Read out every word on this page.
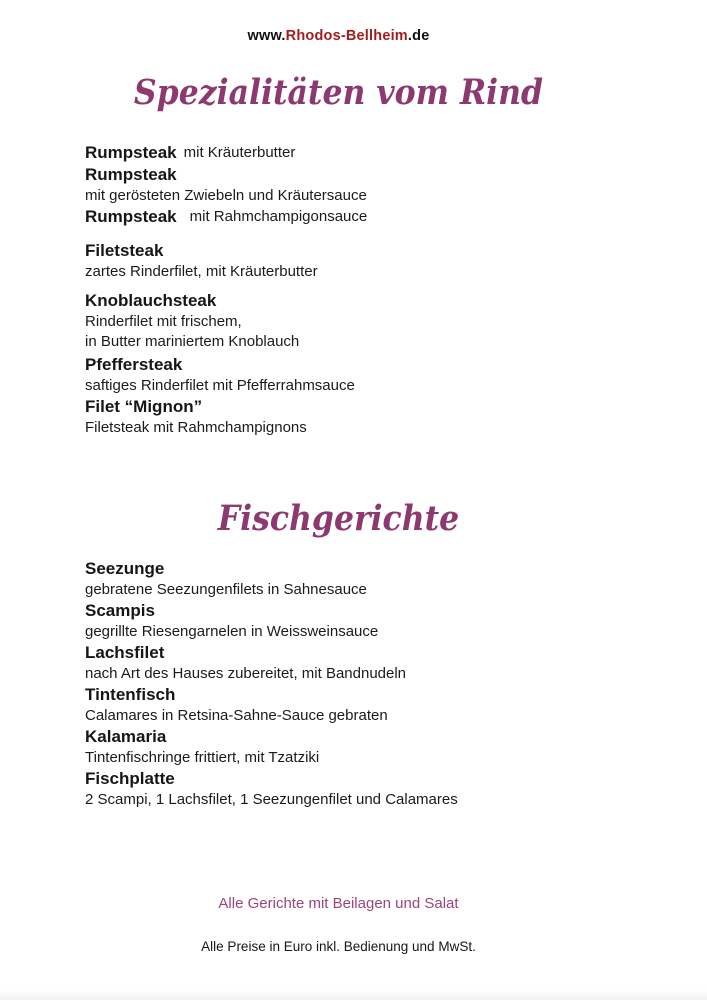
www.Rhodos-Bellheim.de
Spezialitäten vom Rind
Rumpsteak mit Kräuterbutter
Rumpsteak
mit gerösteten Zwiebeln und Kräutersauce
Rumpsteak mit Rahmchampigonsauce
Filetsteak
zartes Rinderfilet, mit Kräuterbutter
Knoblauchsteak
Rinderfilet mit frischem,
in Butter mariniertem Knoblauch
Pfeffersteak
saftiges Rinderfilet mit Pfefferrahmsauce
Filet “Mignon”
Filetsteak mit Rahmchampignons
Fischgerichte
Seezunge
gebratene Seezungenfilets in Sahnesauce
Scampis
gegrillte Riesengarnelen in Weissweinsauce
Lachsfilet
nach Art des Hauses zubereitet, mit Bandnudeln
Tintenfisch
Calamares in Retsina-Sahne-Sauce gebraten
Kalamaria
Tintenfischringe frittiert, mit Tzatziki
Fischplatte
2 Scampi, 1 Lachsfilet, 1 Seezungenfilet und Calamares
Alle Gerichte mit Beilagen und Salat
Alle Preise in Euro inkl. Bedienung und MwSt.
